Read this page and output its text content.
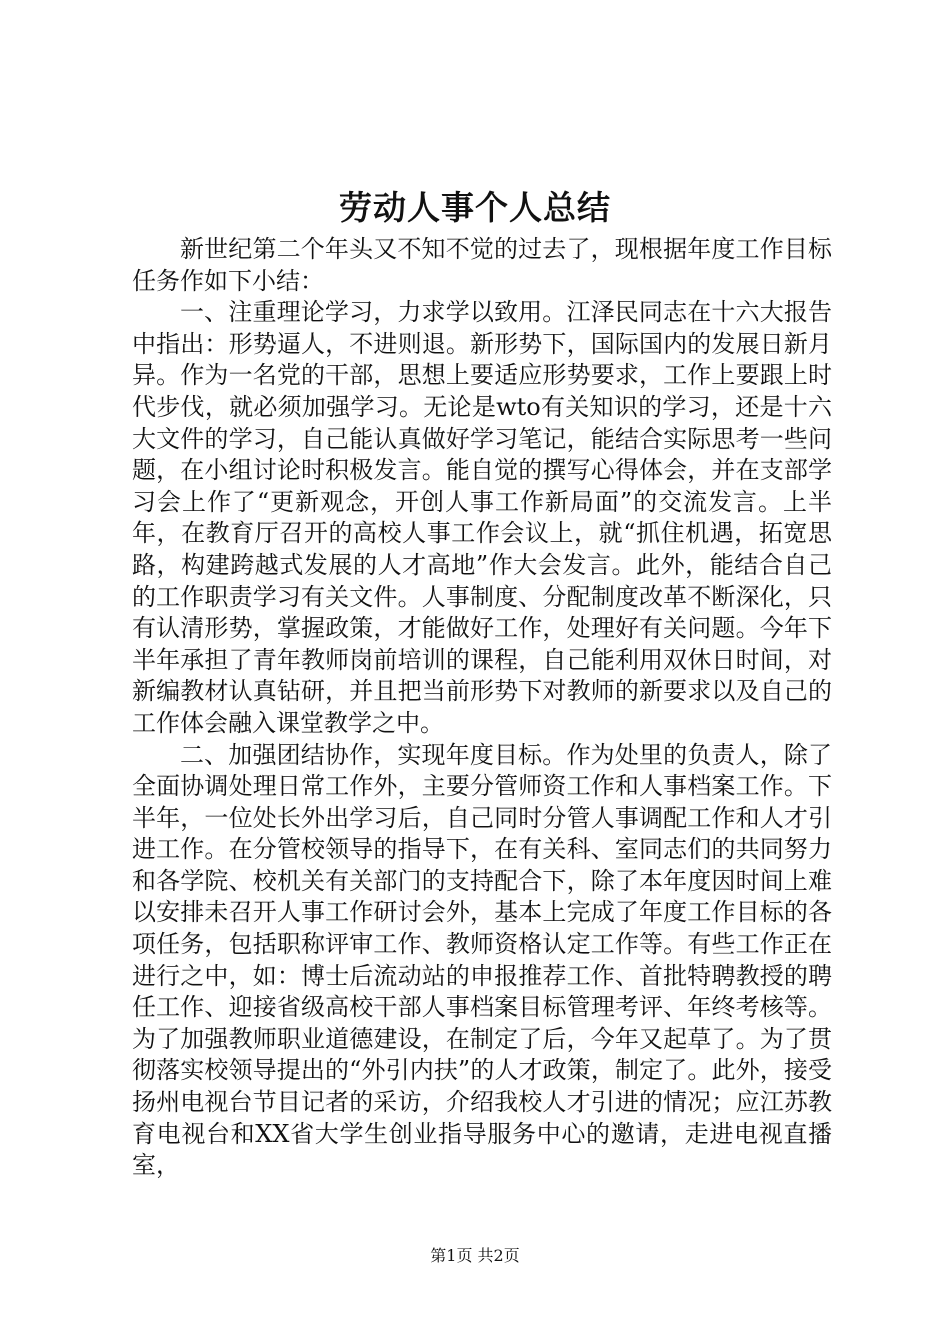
劳动人事个人总结

新世纪第二个年头又不知不觉的过去了，现根据年度工作目标任务作如下小结：

一、注重理论学习，力求学以致用。江泽民同志在十六大报告中指出：形势逼人，不进则退。新形势下，国际国内的发展日新月异。作为一名党的干部，思想上要适应形势要求，工作上要跟上时代步伐，就必须加强学习。无论是wto有关知识的学习，还是十六大文件的学习，自己能认真做好学习笔记，能结合实际思考一些问题，在小组讨论时积极发言。能自觉的撰写心得体会，并在支部学习会上作了“更新观念，开创人事工作新局面”的交流发言。上半年，在教育厅召开的高校人事工作会议上，就“抓住机遇，拓宽思路，构建跨越式发展的人才高地”作大会发言。此外，能结合自己的工作职责学习有关文件。人事制度、分配制度改革不断深化，只有认清形势，掌握政策，才能做好工作，处理好有关问题。今年下半年承担了青年教师岗前培训的课程，自己能利用双休日时间，对新编教材认真钻研，并且把当前形势下对教师的新要求以及自己的工作体会融入课堂教学之中。

二、加强团结协作，实现年度目标。作为处里的负责人，除了全面协调处理日常工作外，主要分管师资工作和人事档案工作。下半年，一位处长外出学习后，自己同时分管人事调配工作和人才引进工作。在分管校领导的指导下，在有关科、室同志们的共同努力和各学院、校机关有关部门的支持配合下，除了本年度因时间上难以安排未召开人事工作研讨会外，基本上完成了年度工作目标的各项任务，包括职称评审工作、教师资格认定工作等。有些工作正在进行之中，如：博士后流动站的申报推荐工作、首批特聘教授的聘任工作、迎接省级高校干部人事档案目标管理考评、年终考核等。为了加强教师职业道德建设，在制定了后，今年又起草了。为了贯彻落实校领导提出的“外引内扶”的人才政策，制定了。此外，接受扬州电视台节目记者的采访，介绍我校人才引进的情况；应江苏教育电视台和XX省大学生创业指导服务中心的邀请，走进电视直播室，

第1页 共2页
